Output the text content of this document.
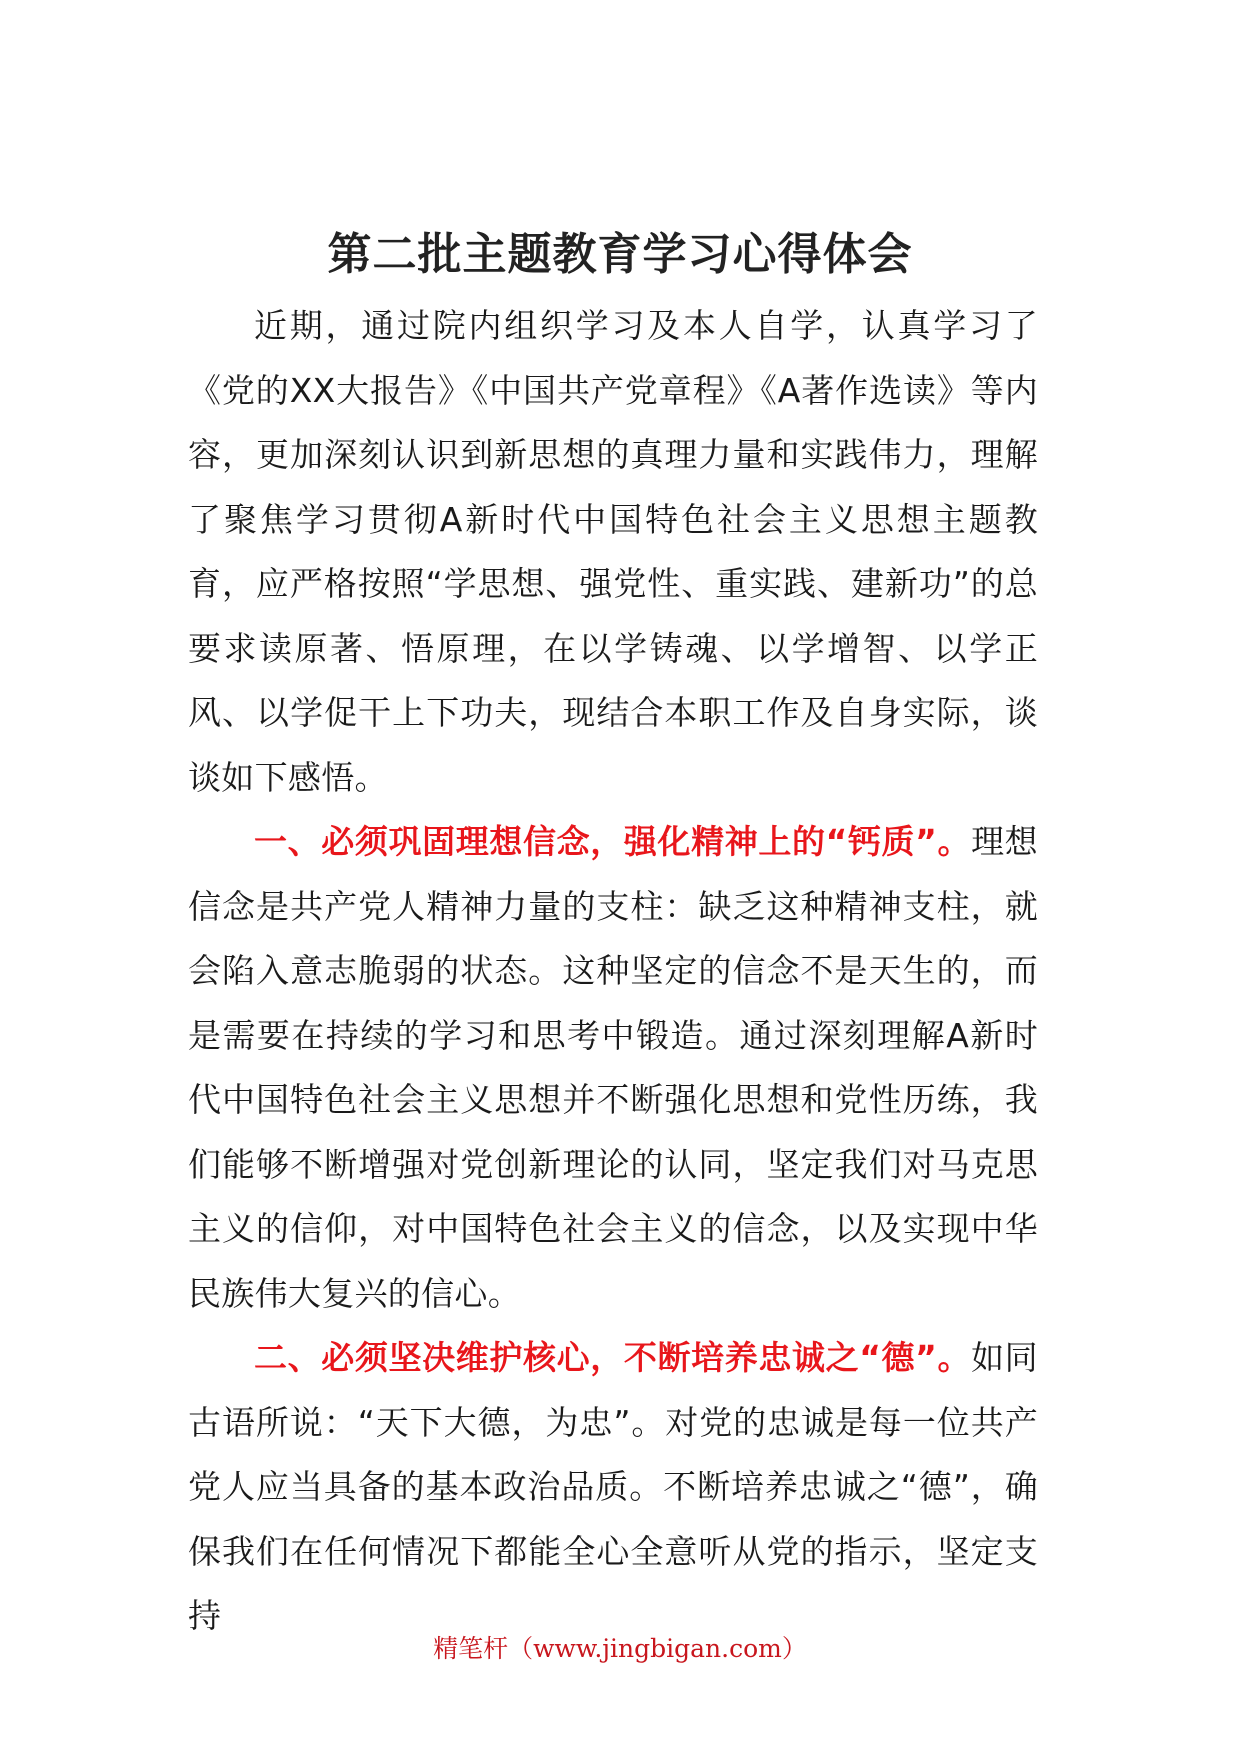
第二批主题教育学习心得体会

近期，通过院内组织学习及本人自学，认真学习了《党的XX大报告》《中国共产党章程》《A著作选读》等内容，更加深刻认识到新思想的真理力量和实践伟力，理解了聚焦学习贯彻A新时代中国特色社会主义思想主题教育，应严格按照“学思想、强党性、重实践、建新功”的总要求读原著、悟原理，在以学铸魂、以学增智、以学正风、以学促干上下功夫，现结合本职工作及自身实际，谈谈如下感悟。

一、必须巩固理想信念，强化精神上的“钙质”。理想信念是共产党人精神力量的支柱：缺乏这种精神支柱，就会陷入意志脆弱的状态。这种坚定的信念不是天生的，而是需要在持续的学习和思考中锻造。通过深刻理解A新时代中国特色社会主义思想并不断强化思想和党性历练，我们能够不断增强对党创新理论的认同，坚定我们对马克思主义的信仰，对中国特色社会主义的信念，以及实现中华民族伟大复兴的信心。

二、必须坚决维护核心，不断培养忠诚之“德”。如同古语所说：“天下大德，为忠”。对党的忠诚是每一位共产党人应当具备的基本政治品质。不断培养忠诚之“德”，确保我们在任何情况下都能全心全意听从党的指示，坚定支持

精笔杆（www.jingbigan.com）
